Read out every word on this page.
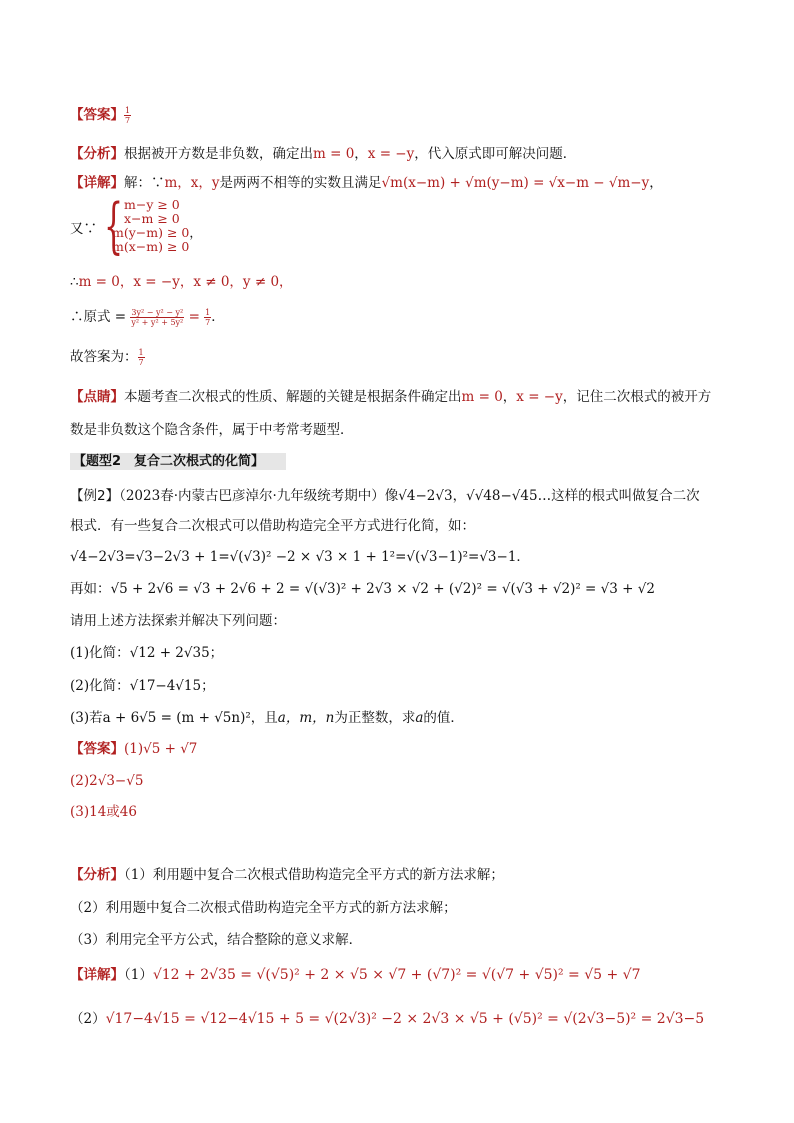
【答案】 $\frac{1}{7}$
【分析】根据被开方数是非负数，确定出m = 0，x = −y，代入原式即可解决问题．
【详解】解：∵m，x，y是两两不相等的实数且满足√m(x−m) + √m(y−m) = √x−m − √m−y，
又∵ { m−y ≥ 0
x−m ≥ 0
m(y−m) ≥ 0，
m(x−m) ≥ 0
∴m = 0，x = −y，x ≠ 0，y ≠ 0，
∴原式 = $\frac{\text{3y² − y² − y²}}{\text{y² + y² + 5y²}} = \frac{1}{7}$ ．
故答案为： $\frac{1}{7}$
【点睛】本题考查二次根式的性质、解题的关键是根据条件确定出m = 0，x = −y，记住二次根式的被开方
数是非负数这个隐含条件，属于中考常考题型．
【题型2　复合二次根式的化简】
【例2】（2023春·内蒙古巴彦淖尔·九年级统考期中）像√4−2√3，√√48−√45…这样的根式叫做复合二次
根式．有一些复合二次根式可以借助构造完全平方式进行化简，如：
√4−2√3=√3−2√3 + 1=√(√3)² −2 × √3 × 1 + 1²=√(√3−1)²=√3−1．
再如：√5 + 2√6 = √3 + 2√6 + 2 = √(√3)² + 2√3 × √2 + (√2)² = √(√3 + √2)² = √3 + √2
请用上述方法探索并解决下列问题：
(1)化简：√12 + 2√35；
(2)化简：√17−4√15；
(3)若a + 6√5 = (m + √5n)²，且a，m，n为正整数，求a的值．
【答案】(1)√5 + √7
(2)2√3−√5
(3)14或46
【分析】（1）利用题中复合二次根式借助构造完全平方式的新方法求解；
（2）利用题中复合二次根式借助构造完全平方式的新方法求解；
（3）利用完全平方公式，结合整除的意义求解．
【详解】（1）√12 + 2√35 = √(√5)² + 2 × √5 × √7 + (√7)² = √(√7 + √5)² = √5 + √7
（2）√17−4√15 = √12−4√15 + 5 = √(2√3)² −2 × 2√3 × √5 + (√5)² = √(2√3−5)² = 2√3−5
